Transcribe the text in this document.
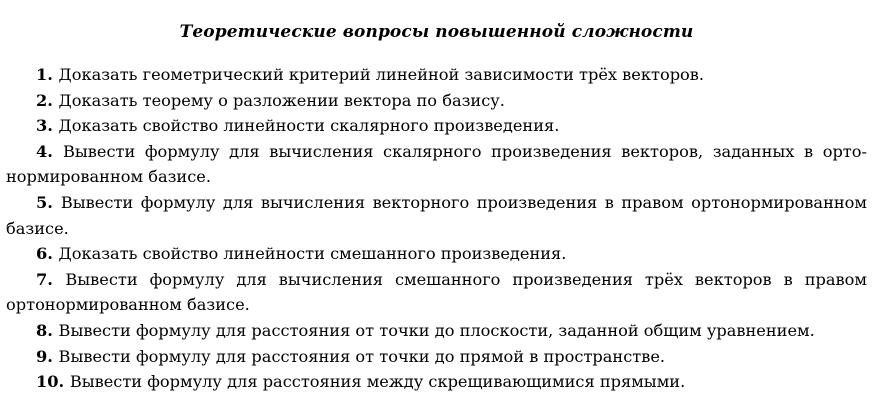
Теоретические вопросы повышенной сложности
1. Доказать геометрический критерий линейной зависимости трёх векторов.
2. Доказать теорему о разложении вектора по базису.
3. Доказать свойство линейности скалярного произведения.
4. Вывести формулу для вычисления скалярного произведения векторов, заданных в ортонормированном базисе.
5. Вывести формулу для вычисления векторного произведения в правом ортонормированном базисе.
6. Доказать свойство линейности смешанного произведения.
7. Вывести формулу для вычисления смешанного произведения трёх векторов в правом ортонормированном базисе.
8. Вывести формулу для расстояния от точки до плоскости, заданной общим уравнением.
9. Вывести формулу для расстояния от точки до прямой в пространстве.
10. Вывести формулу для расстояния между скрещивающимися прямыми.
